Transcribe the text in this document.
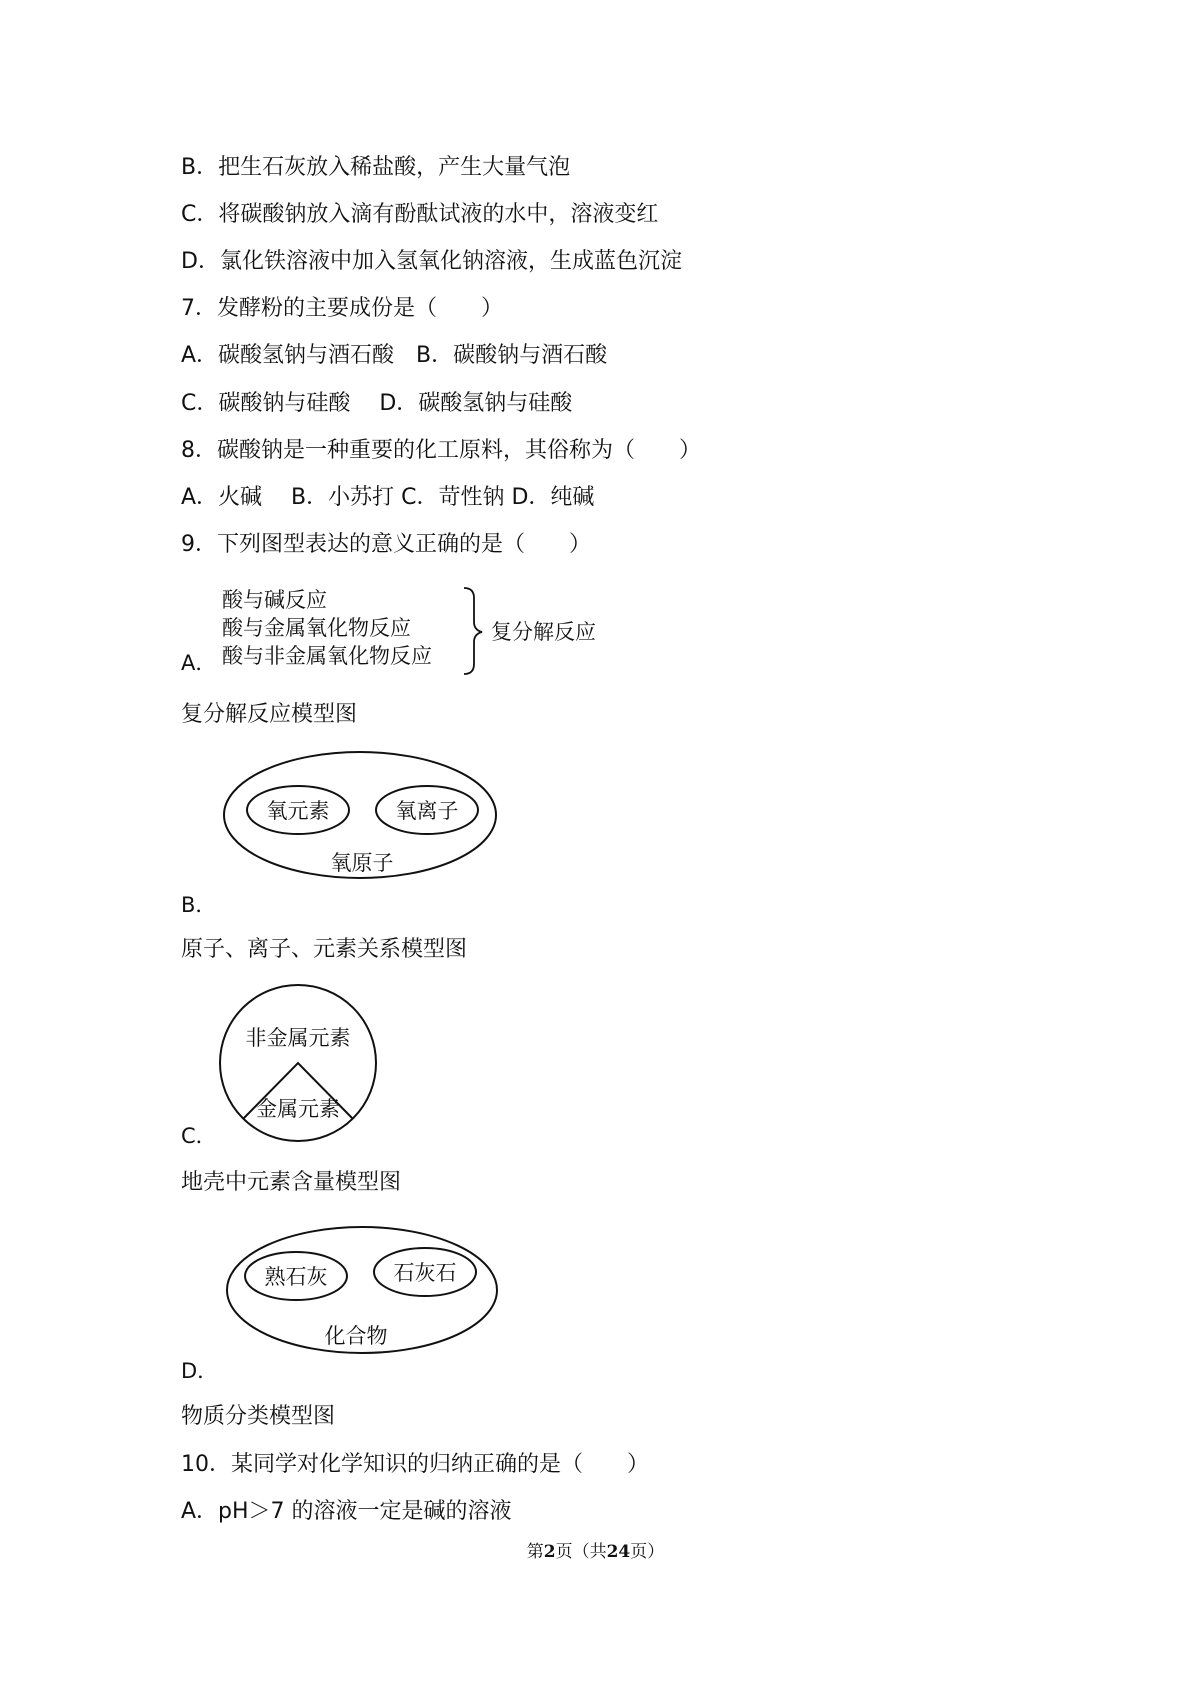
B．把生石灰放入稀盐酸，产生大量气泡
C．将碳酸钠放入滴有酚酞试液的水中，溶液变红
D．氯化铁溶液中加入氢氧化钠溶液，生成蓝色沉淀
7．发酵粉的主要成份是（　　）
A．碳酸氢钠与酒石酸　B．碳酸钠与酒石酸
C．碳酸钠与硅酸　 D．碳酸氢钠与硅酸
8．碳酸钠是一种重要的化工原料，其俗称为（　　）
A．火碱　 B．小苏打 C．苛性钠 D．纯碱
9．下列图型表达的意义正确的是（　　）
A．
酸与碱反应
酸与金属氧化物反应
酸与非金属氧化物反应
复分解反应
复分解反应模型图
氧元素	氧离子
氧原子
B．
原子、离子、元素关系模型图
非金属元素
金属元素
C．
地壳中元素含量模型图
熟石灰	石灰石
化合物
D．
物质分类模型图
10．某同学对化学知识的归纳正确的是（　　）
A．pH＞7 的溶液一定是碱的溶液
第2页（共24页）
